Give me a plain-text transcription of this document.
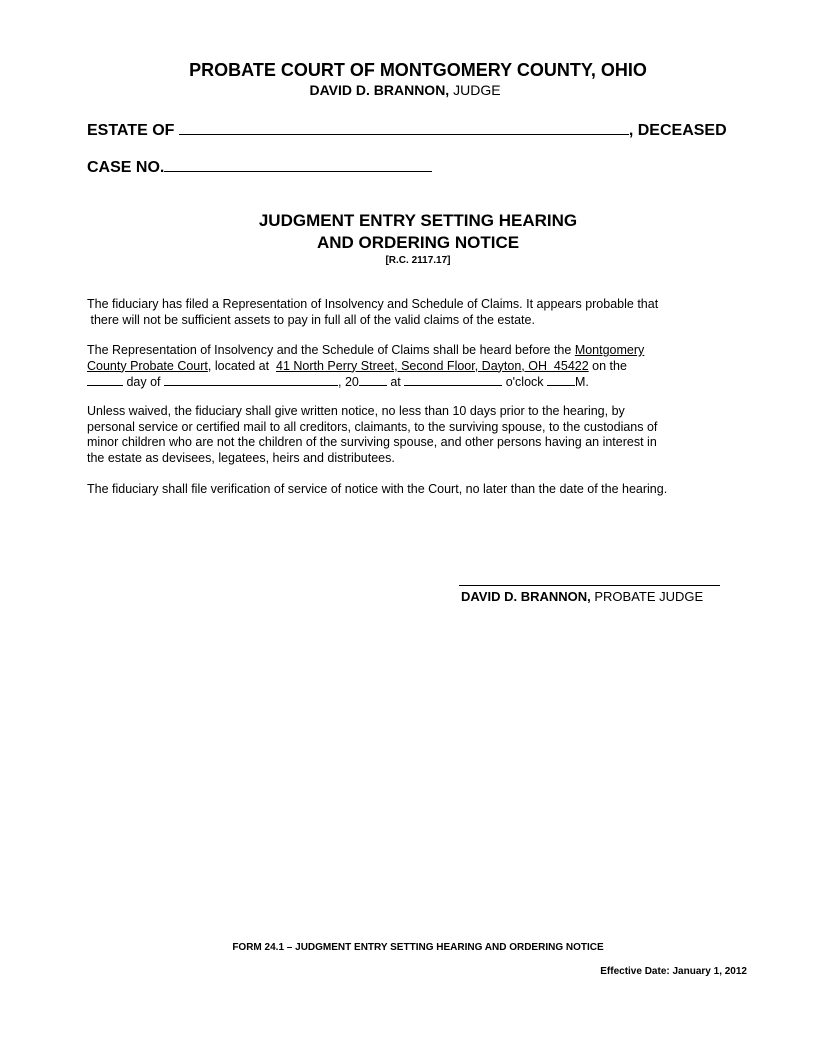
PROBATE COURT OF MONTGOMERY COUNTY, OHIO
DAVID D. BRANNON, JUDGE
ESTATE OF	, DECEASED
CASE NO.
JUDGMENT ENTRY SETTING HEARING
AND ORDERING NOTICE
[R.C. 2117.17]
The fiduciary has filed a Representation of Insolvency and Schedule of Claims. It appears probable that
there will not be sufficient assets to pay in full all of the valid claims of the estate.
The Representation of Insolvency and the Schedule of Claims shall be heard before the Montgomery
County Probate Court, located at  41 North Perry Street, Second Floor, Dayton, OH  45422 on the
day of	, 20 at	o'clock M.
Unless waived, the fiduciary shall give written notice, no less than 10 days prior to the hearing, by
personal service or certified mail to all creditors, claimants, to the surviving spouse, to the custodians of
minor children who are not the children of the surviving spouse, and other persons having an interest in
the estate as devisees, legatees, heirs and distributees.
The fiduciary shall file verification of service of notice with the Court, no later than the date of the hearing.
DAVID D. BRANNON, PROBATE JUDGE
FORM 24.1 – JUDGMENT ENTRY SETTING HEARING AND ORDERING NOTICE
Effective Date: January 1, 2012
